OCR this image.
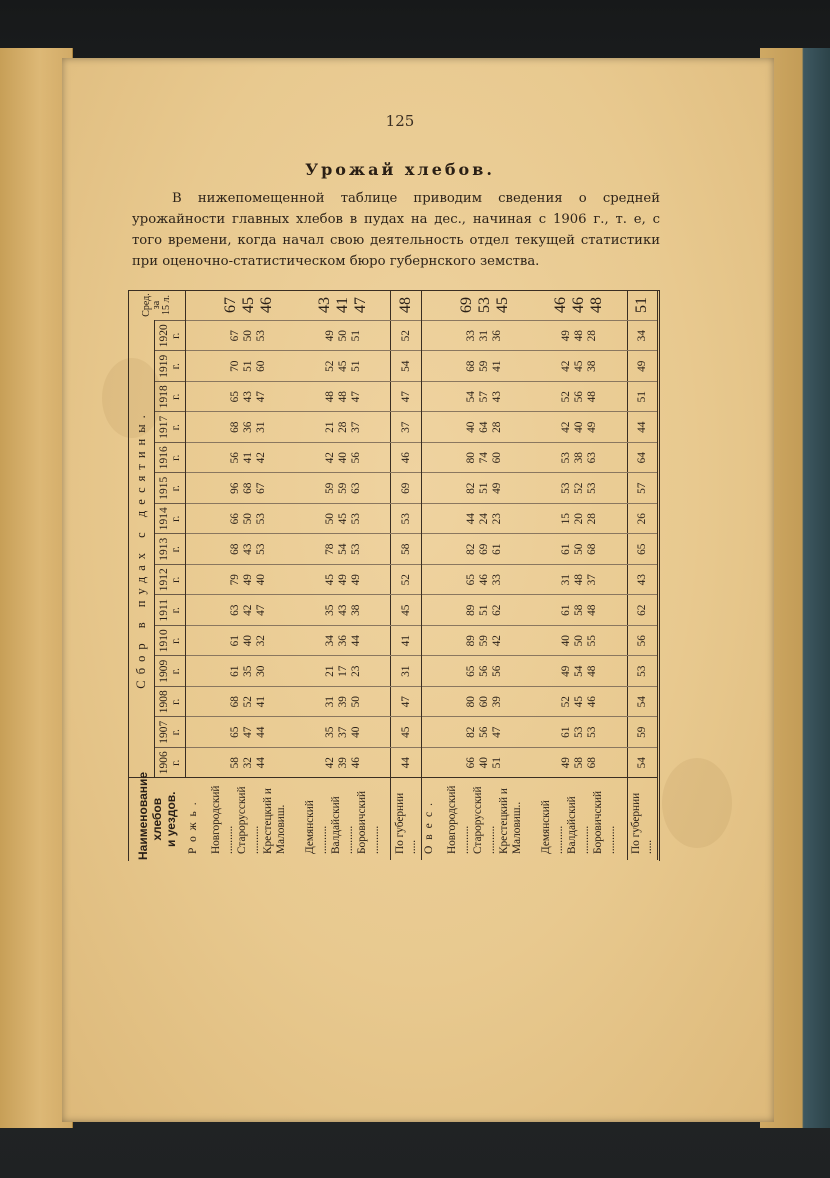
125
Урожай хлебов.
В нижепомещенной таблице приводим сведения о средней урожайности главных хлебов в пудах на дес., начиная с 1906 г., т. е, с того времени, когда начал свою деятельность отдел текущей статистики при оценочно-статистическом бюро губернского земства.
Наименование хлебов и уездов.	Сбор в пудах с десятины.															Сред. за 15 л.

	1906 г.	1907 г.	1908 г.	1909 г.	1910 г.	1911 г.	1912 г.	1913 г.	1914 г.	1915 г.	1916 г.	1917 г.	1918 г.	1919 г.	1920 г.	
Рожь.																

Новгородский .......... Старорусский .......... Крестецкий и Маловиш.	58 32 44	65 47 44	68 52 41	61 35 30	61 40 32	63 42 47	79 49 40	68 43 53	66 50 53	96 68 67	56 41 42	68 36 31	65 43 47	70 51 60	67 50 53	67 45 46

Демянский .......... Валдайский .......... Боровичский ..........	42 39 46	35 37 40	31 39 50	21 17 23	34 36 44	35 43 38	45 49 49	78 54 53	50 45 53	59 59 63	42 40 56	21 28 37	48 48 47	52 45 51	49 50 51	43 41 47

По губернии .....	44	45	47	31	41	45	52	58	53	69	46	37	47	54	52	48
Овес.																

Новгородский .......... Старорусский .......... Крестецкий и Маловиш..	66 40 51	82 56 47	80 60 39	65 56 56	89 59 42	89 51 62	65 46 33	82 69 61	44 24 23	82 51 49	80 74 60	40 64 28	54 57 43	68 59 41	33 31 36	69 53 45

Демянский .......... Валдайский .......... Боровичский ..........	49 58 68	61 53 53	52 45 46	49 54 48	40 50 55	61 58 48	31 48 37	61 50 68	15 20 28	53 52 53	53 38 63	42 40 49	52 56 48	42 45 38	49 48 28	46 46 48

По губернии .....	54	59	54	53	56	62	43	65	26	57	64	44	51	49	34	51
